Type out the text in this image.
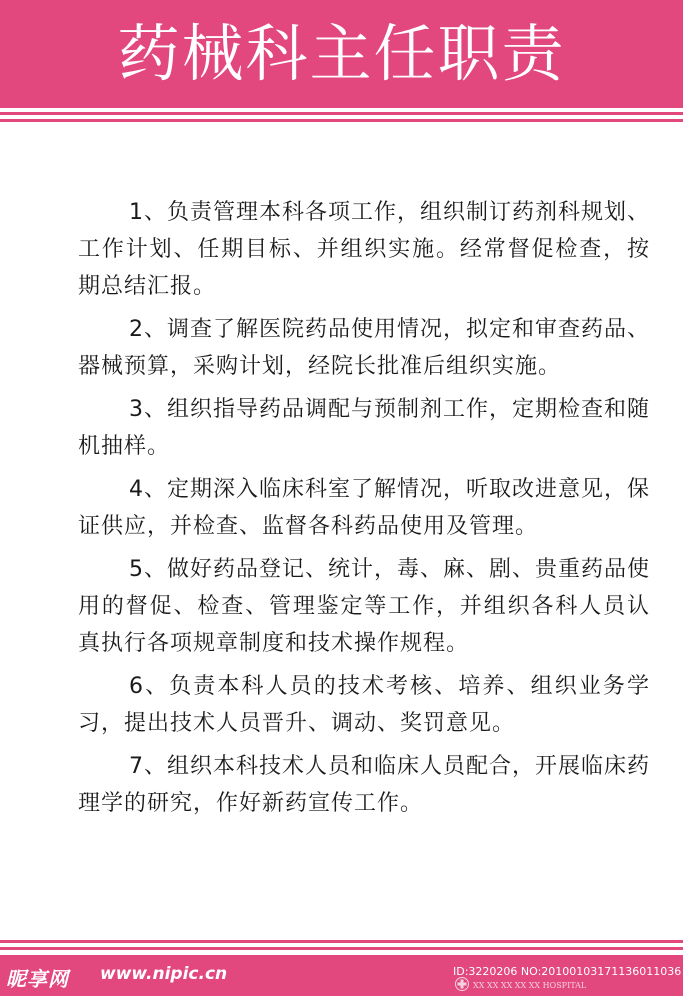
药械科主任职责

1、负责管理本科各项工作，组织制订药剂科规划、工作计划、任期目标、并组织实施。经常督促检查，按期总结汇报。

2、调查了解医院药品使用情况，拟定和审查药品、器械预算，采购计划，经院长批准后组织实施。

3、组织指导药品调配与预制剂工作，定期检查和随机抽样。

4、定期深入临床科室了解情况，听取改进意见，保证供应，并检查、监督各科药品使用及管理。

5、做好药品登记、统计，毒、麻、剧、贵重药品使用的督促、检查、管理鉴定等工作，并组织各科人员认真执行各项规章制度和技术操作规程。

6、负责本科人员的技术考核、培养、组织业务学习，提出技术人员晋升、调动、奖罚意见。

7、组织本科技术人员和临床人员配合，开展临床药理学的研究，作好新药宣传工作。

昵享网 www.nipic.cn	ID:3220206 NO:20100103171136011036
XX XX XX XX XX HOSPITAL
